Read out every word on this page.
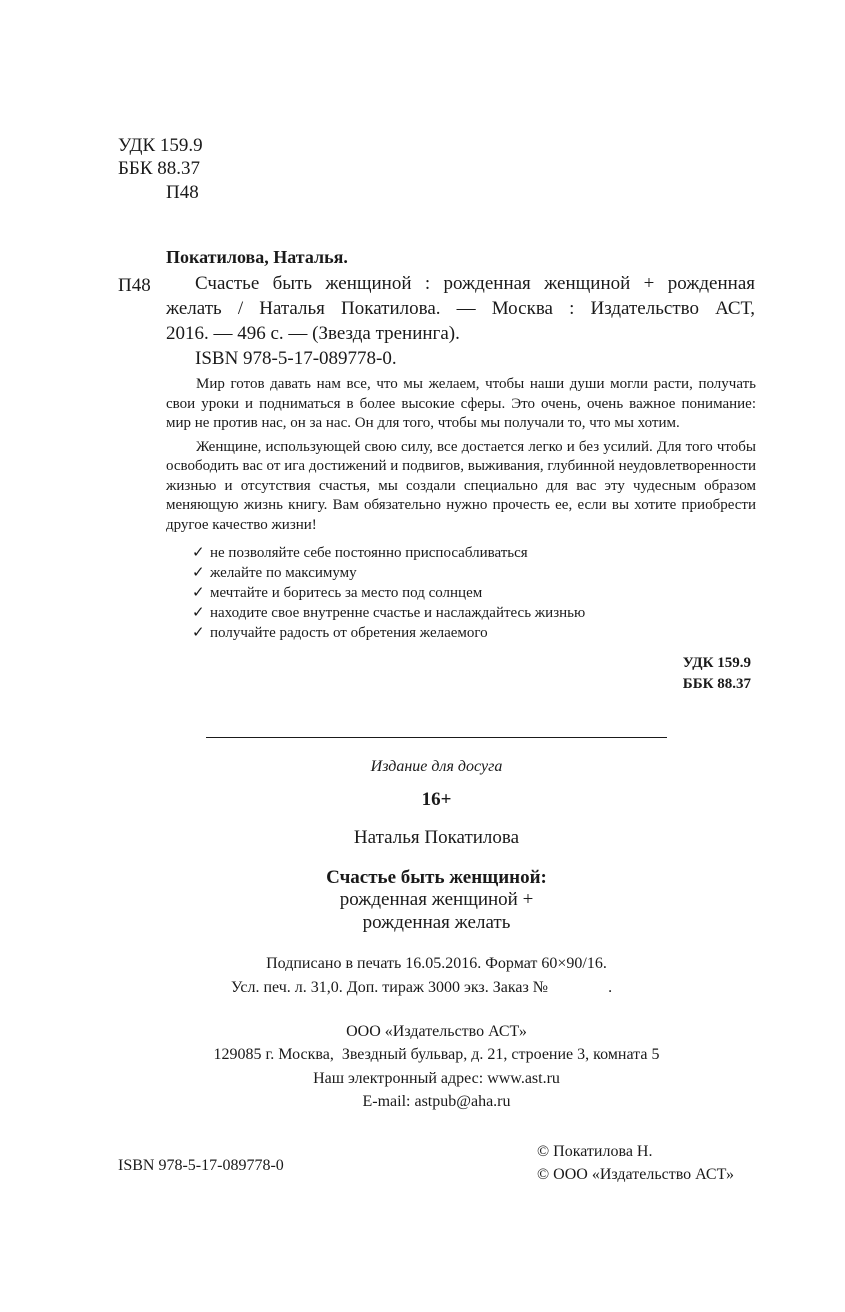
УДК 159.9
ББК 88.37
П48
Покатилова, Наталья.
П48 Счастье быть женщиной : рожденная женщиной + рожденная
желать / Наталья Покатилова. — Москва : Издательство АСТ,
2016. — 496 с. — (Звезда тренинга).
ISBN 978-5-17-089778-0.

Мир готов давать нам все, что мы желаем, чтобы наши души могли расти, получать свои уроки и подниматься в более высокие сферы. Это очень, очень важное понимание: мир не против нас, он за нас. Он для того, чтобы мы получали то, что мы хотим.

Женщине, использующей свою силу, все достается легко и без усилий. Для того чтобы освободить вас от ига достижений и подвигов, выживания, глубинной неудовлетворенности жизнью и отсутствия счастья, мы создали специально для вас эту чудесным образом меняющую жизнь книгу. Вам обязательно нужно прочесть ее, если вы хотите приобрести другое качество жизни!

✓ не позволяйте себе постоянно приспосабливаться
✓ желайте по максимуму
✓ мечтайте и боритесь за место под солнцем
✓ находите свое внутренне счастье и наслаждайтесь жизнью
✓ получайте радость от обретения желаемого
УДК 159.9
ББК 88.37
Издание для досуга
16+
Наталья Покатилова
Счастье быть женщиной:
рожденная женщиной +
рожденная желать
Подписано в печать 16.05.2016. Формат 60×90/16.
Усл. печ. л. 31,0. Доп. тираж 3000 экз. Заказ №	.
ООО «Издательство АСТ»
129085 г. Москва,  Звездный бульвар, д. 21, строение 3, комната 5
Наш электронный адрес: www.ast.ru
E-mail: astpub@aha.ru
ISBN 978-5-17-089778-0
© Покатилова Н.
© ООО «Издательство АСТ»
